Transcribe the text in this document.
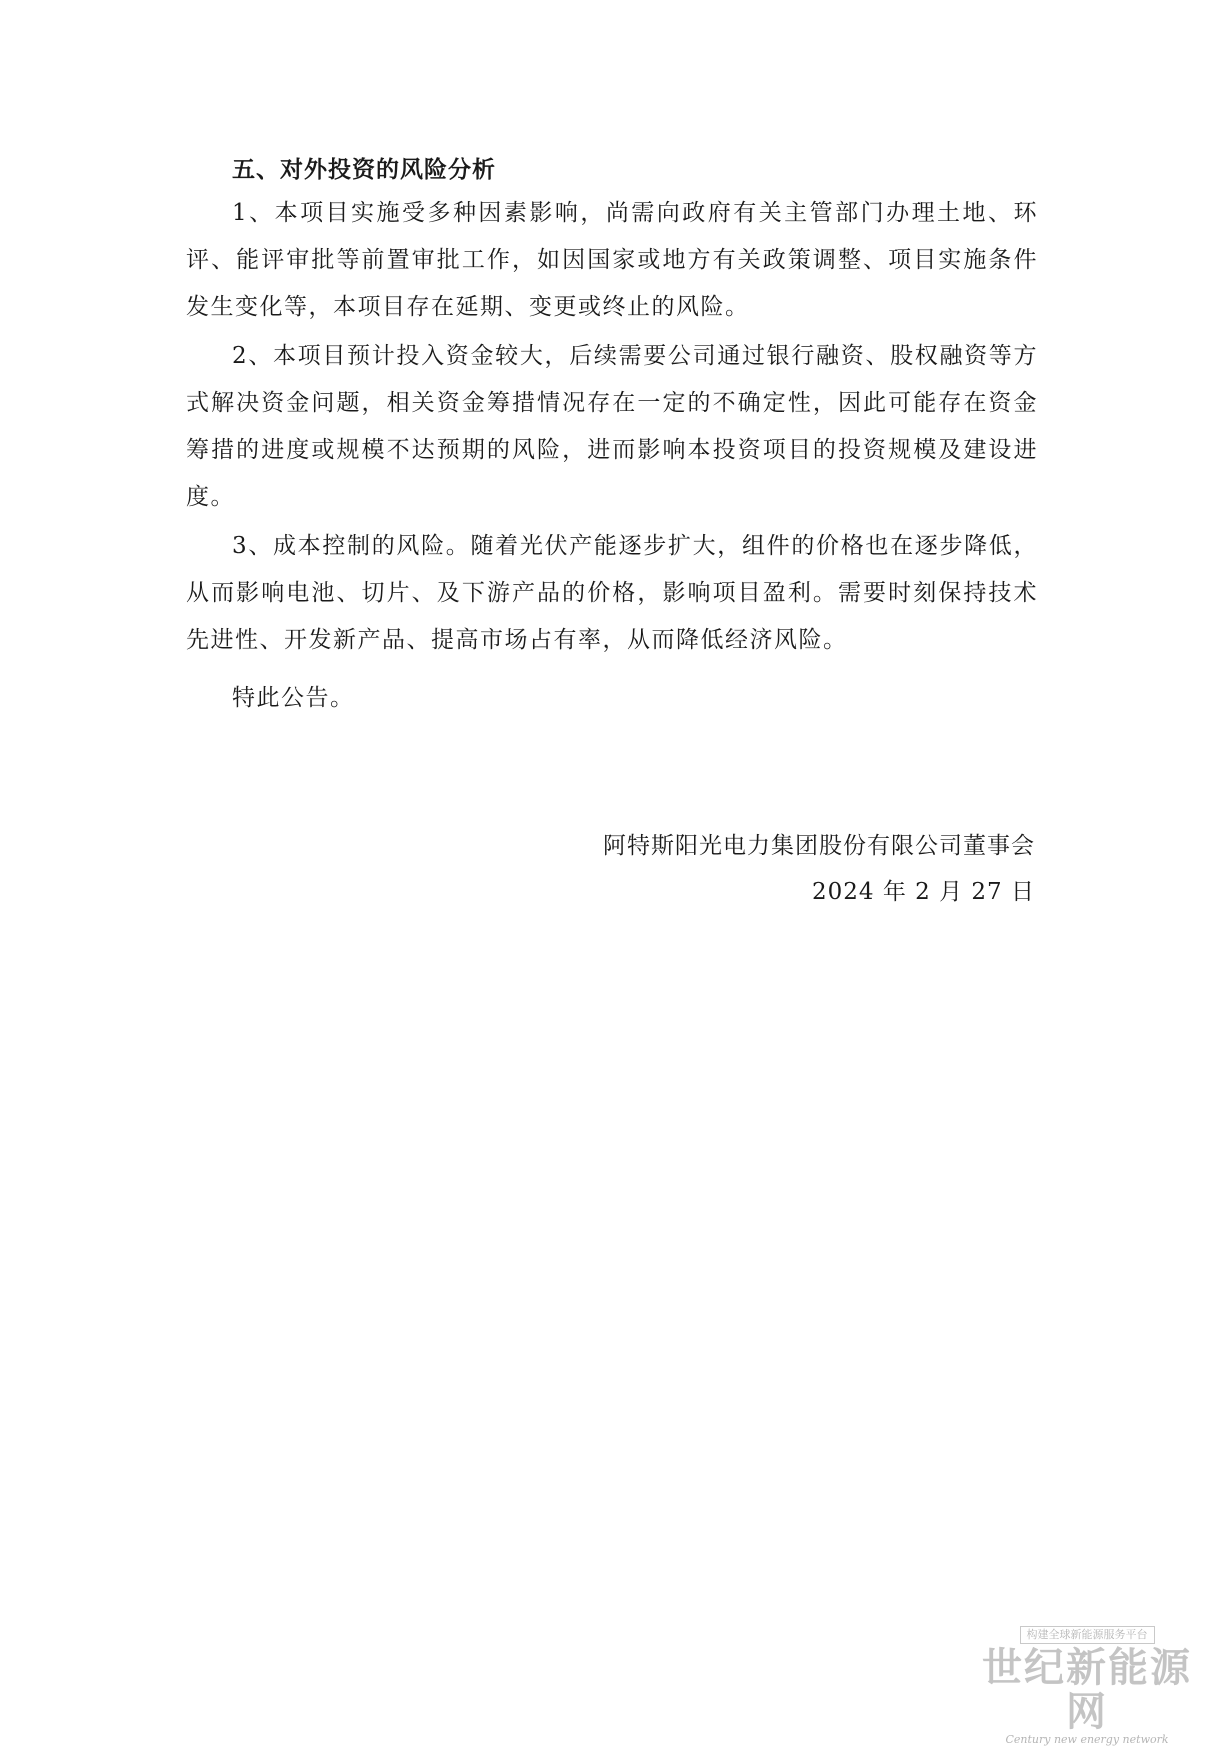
五、对外投资的风险分析

1、本项目实施受多种因素影响，尚需向政府有关主管部门办理土地、环评、能评审批等前置审批工作，如因国家或地方有关政策调整、项目实施条件发生变化等，本项目存在延期、变更或终止的风险。

2、本项目预计投入资金较大，后续需要公司通过银行融资、股权融资等方式解决资金问题，相关资金筹措情况存在一定的不确定性，因此可能存在资金筹措的进度或规模不达预期的风险，进而影响本投资项目的投资规模及建设进度。

3、成本控制的风险。随着光伏产能逐步扩大，组件的价格也在逐步降低，从而影响电池、切片、及下游产品的价格，影响项目盈利。需要时刻保持技术先进性、开发新产品、提高市场占有率，从而降低经济风险。

特此公告。

阿特斯阳光电力集团股份有限公司董事会
2024 年 2 月 27 日
构建全球新能源服务平台
世纪新能源网
Century new energy network
